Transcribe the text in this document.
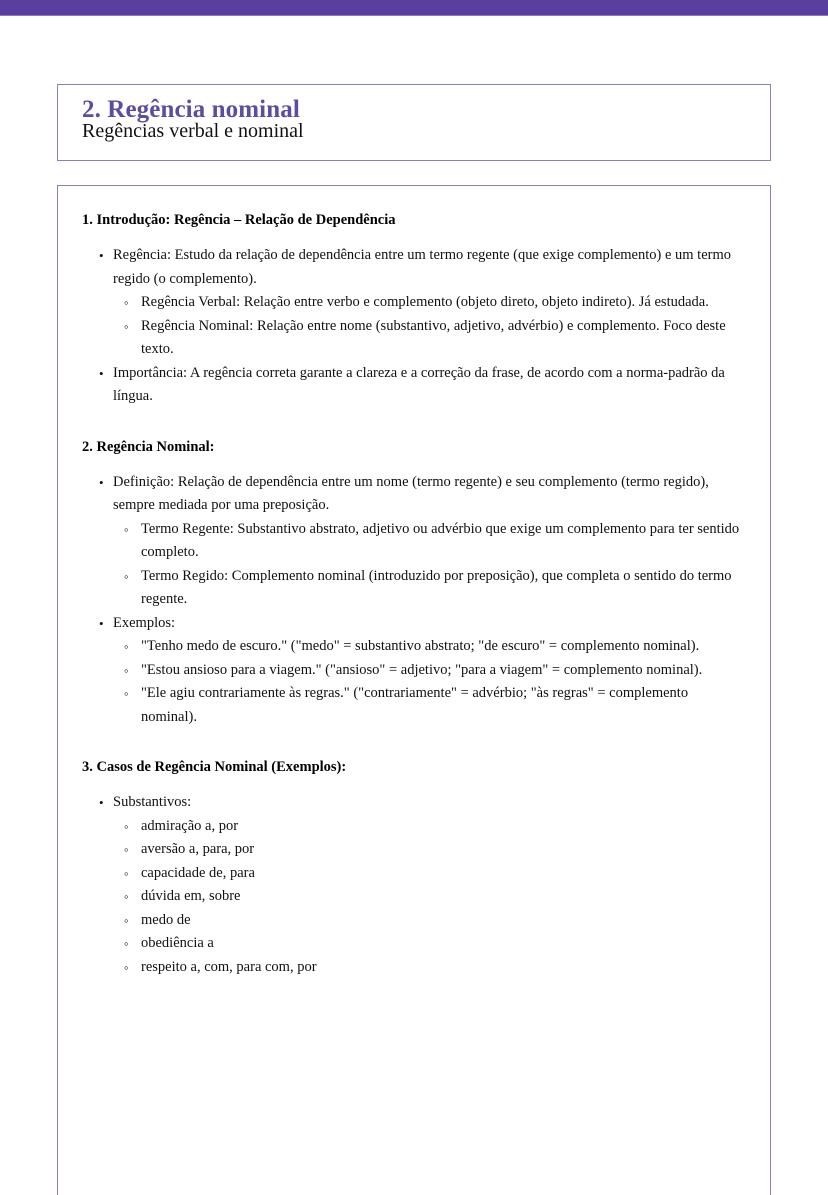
2. Regência nominal
Regências verbal e nominal
1. Introdução: Regência – Relação de Dependência
• Regência: Estudo da relação de dependência entre um termo regente (que exige complemento) e um termo regido (o complemento).
◦ Regência Verbal: Relação entre verbo e complemento (objeto direto, objeto indireto). Já estudada.
◦ Regência Nominal: Relação entre nome (substantivo, adjetivo, advérbio) e complemento. Foco deste texto.
• Importância: A regência correta garante a clareza e a correção da frase, de acordo com a norma-padrão da língua.
2. Regência Nominal:
• Definição: Relação de dependência entre um nome (termo regente) e seu complemento (termo regido), sempre mediada por uma preposição.
◦ Termo Regente: Substantivo abstrato, adjetivo ou advérbio que exige um complemento para ter sentido completo.
◦ Termo Regido: Complemento nominal (introduzido por preposição), que completa o sentido do termo regente.
• Exemplos:
◦ "Tenho medo de escuro." ("medo" = substantivo abstrato; "de escuro" = complemento nominal).
◦ "Estou ansioso para a viagem." ("ansioso" = adjetivo; "para a viagem" = complemento nominal).
◦ "Ele agiu contrariamente às regras." ("contrariamente" = advérbio; "às regras" = complemento nominal).
3. Casos de Regência Nominal (Exemplos):
• Substantivos:
◦ admiração a, por
◦ aversão a, para, por
◦ capacidade de, para
◦ dúvida em, sobre
◦ medo de
◦ obediência a
◦ respeito a, com, para com, por
